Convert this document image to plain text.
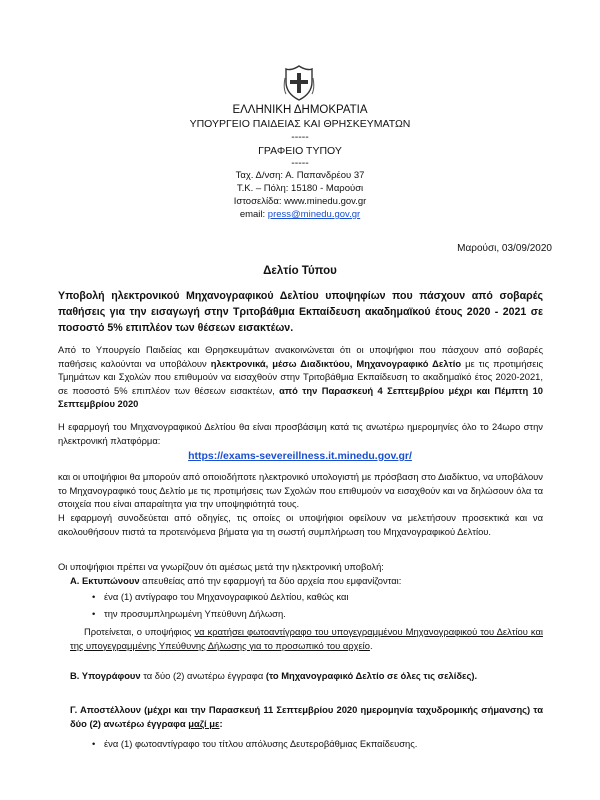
ΕΛΛΗΝΙΚΗ ΔΗΜΟΚΡΑΤΙΑ
ΥΠΟΥΡΓΕΙΟ ΠΑΙΔΕΙΑΣ ΚΑΙ ΘΡΗΣΚΕΥΜΑΤΩΝ
-----
ΓΡΑΦΕΙΟ ΤΥΠΟΥ
-----
Ταχ. Δ/νση: Α. Παπανδρέου 37
Τ.Κ. – Πόλη: 15180 - Μαρούσι
Ιστοσελίδα: www.minedu.gov.gr
email: press@minedu.gov.gr
Μαρούσι, 03/09/2020
Δελτίο Τύπου
Υποβολή ηλεκτρονικού Μηχανογραφικού Δελτίου υποψηφίων που πάσχουν από σοβαρές παθήσεις για την εισαγωγή στην Τριτοβάθμια Εκπαίδευση ακαδημαϊκού έτους 2020 - 2021 σε ποσοστό 5% επιπλέον των θέσεων εισακτέων.
Από το Υπουργείο Παιδείας και Θρησκευμάτων ανακοινώνεται ότι οι υποψήφιοι που πάσχουν από σοβαρές παθήσεις καλούνται να υποβάλουν ηλεκτρονικά, μέσω Διαδικτύου, Μηχανογραφικό Δελτίο με τις προτιμήσεις Τμημάτων και Σχολών που επιθυμούν να εισαχθούν στην Τριτοβάθμια Εκπαίδευση το ακαδημαϊκό έτος 2020-2021, σε ποσοστό 5% επιπλέον των θέσεων εισακτέων, από την Παρασκευή 4 Σεπτεμβρίου μέχρι και Πέμπτη 10 Σεπτεμβρίου 2020
Η εφαρμογή του Μηχανογραφικού Δελτίου θα είναι προσβάσιμη κατά τις ανωτέρω ημερομηνίες όλο το 24ωρο στην ηλεκτρονική πλατφόρμα:
https://exams-severeillness.it.minedu.gov.gr/
και οι υποψήφιοι θα μπορούν από οποιοδήποτε ηλεκτρονικό υπολογιστή με πρόσβαση στο Διαδίκτυο, να υποβάλουν το Μηχανογραφικό τους Δελτίο με τις προτιμήσεις των Σχολών που επιθυμούν να εισαχθούν και να δηλώσουν όλα τα στοιχεία που είναι απαραίτητα για την υποψηφιότητά τους.
Η εφαρμογή συνοδεύεται από οδηγίες, τις οποίες οι υποψήφιοι οφείλουν να μελετήσουν προσεκτικά και να ακολουθήσουν πιστά τα προτεινόμενα βήματα για τη σωστή συμπλήρωση του Μηχανογραφικού Δελτίου.
Οι υποψήφιοι πρέπει να γνωρίζουν ότι αμέσως μετά την ηλεκτρονική υποβολή:
Α. Εκτυπώνουν απευθείας από την εφαρμογή τα δύο αρχεία που εμφανίζονται:
• ένα (1) αντίγραφο του Μηχανογραφικού Δελτίου, καθώς και
• την προσυμπληρωμένη Υπεύθυνη Δήλωση.
Προτείνεται, ο υποψήφιος να κρατήσει φωτοαντίγραφο του υπογεγραμμένου Μηχανογραφικού του Δελτίου και της υπογεγραμμένης Υπεύθυνης Δήλωσης για το προσωπικό του αρχείο.
Β. Υπογράφουν τα δύο (2) ανωτέρω έγγραφα (το Μηχανογραφικό Δελτίο σε όλες τις σελίδες).
Γ. Αποστέλλουν (μέχρι και την Παρασκευή 11 Σεπτεμβρίου 2020 ημερομηνία ταχυδρομικής σήμανσης) τα δύο (2) ανωτέρω έγγραφα μαζί με:
• ένα (1) φωτοαντίγραφο του τίτλου απόλυσης Δευτεροβάθμιας Εκπαίδευσης.
